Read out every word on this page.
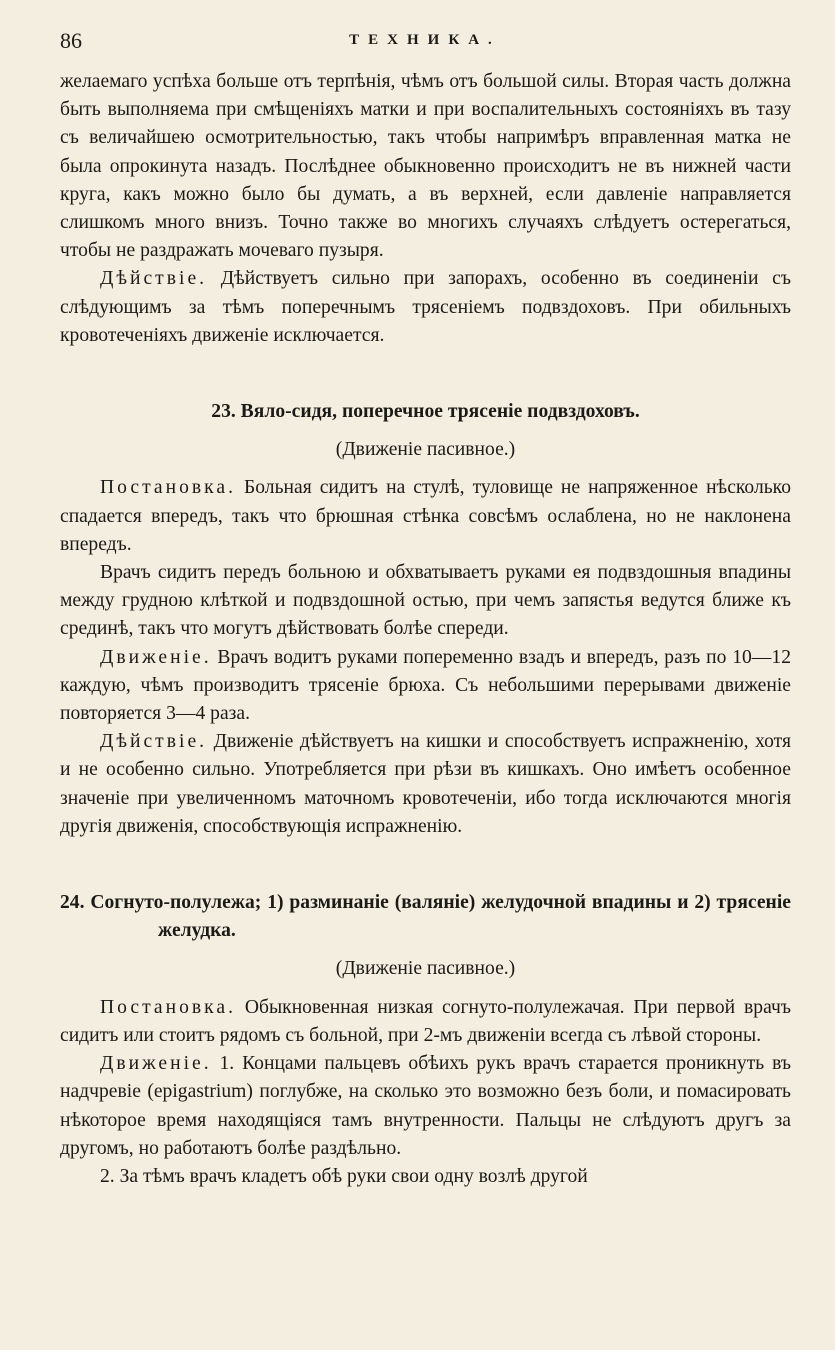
86	ТЕХНИКА.

желаемаго успѣха больше отъ терпѣнія, чѣмъ отъ большой силы. Вторая часть должна быть выполняема при смѣщеніяхъ матки и при воспалительныхъ состояніяхъ въ тазу съ величайшею осмотрительностью, такъ чтобы напримѣръ вправленная матка не была опрокинута назадъ. Послѣднее обыкновенно происходитъ не въ нижней части круга, какъ можно было бы думать, а въ верхней, если давленіе направляется слишкомъ много внизъ. Точно также во многихъ случаяхъ слѣдуетъ остерегаться, чтобы не раздражать мочеваго пузыря.

Дѣйствіе. Дѣйствуетъ сильно при запорахъ, особенно въ соединеніи съ слѣдующимъ за тѣмъ поперечнымъ трясеніемъ подвздоховъ. При обильныхъ кровотеченіяхъ движеніе исключается.

23. Вяло-сидя, поперечное трясеніе подвздоховъ.

(Движеніе пасивное.)

Постановка. Больная сидитъ на стулѣ, туловище не напряженное нѣсколько спадается впередъ, такъ что брюшная стѣнка совсѣмъ ослаблена, но не наклонена впередъ.

Врачъ сидитъ передъ больною и обхватываетъ руками ея подвздошныя впадины между грудною клѣткой и подвздошной остью, при чемъ запястья ведутся ближе къ срединѣ, такъ что могутъ дѣйствовать болѣе спереди.

Движеніе. Врачъ водитъ руками попеременно взадъ и впередъ, разъ по 10—12 каждую, чѣмъ производитъ трясеніе брюха. Съ небольшими перерывами движеніе повторяется 3—4 раза.

Дѣйствіе. Движеніе дѣйствуетъ на кишки и способствуетъ испражненію, хотя и не особенно сильно. Употребляется при рѣзи въ кишкахъ. Оно имѣетъ особенное значеніе при увеличенномъ маточномъ кровотеченіи, ибо тогда исключаются многія другія движенія, способствующія испражненію.

24. Согнуто-полулежа; 1) разминаніе (валяніе) желудочной впадины и 2) трясеніе желудка.

(Движеніе пасивное.)

Постановка. Обыкновенная низкая согнуто-полулежачая. При первой врачъ сидитъ или стоитъ рядомъ съ больной, при 2-мъ движеніи всегда съ лѣвой стороны.

Движеніе. 1. Концами пальцевъ обѣихъ рукъ врачъ старается проникнуть въ надчревіе (epigastrium) поглубже, на сколько это возможно безъ боли, и помасировать нѣкоторое время находящіяся тамъ внутренности. Пальцы не слѣдуютъ другъ за другомъ, но работаютъ болѣе раздѣльно.

2. За тѣмъ врачъ кладетъ обѣ руки свои одну возлѣ другой
